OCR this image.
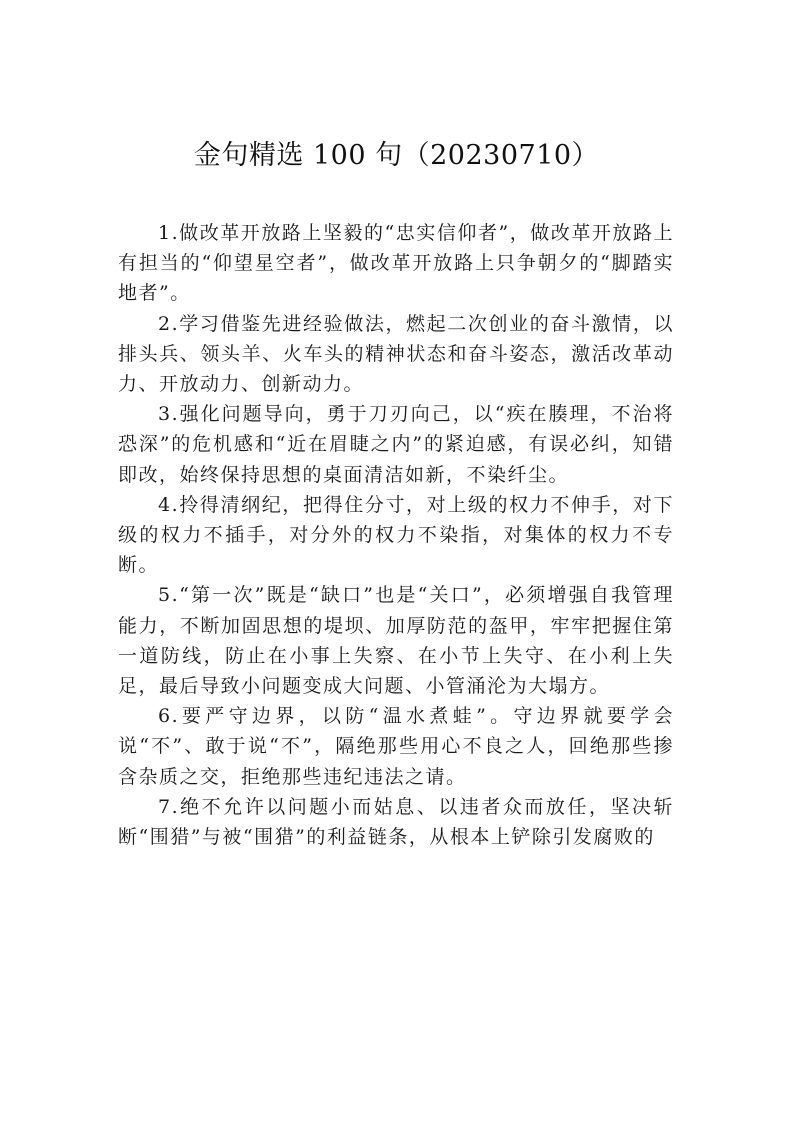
金句精选 100 句（20230710）

1.做改革开放路上坚毅的“忠实信仰者”，做改革开放路上有担当的“仰望星空者”，做改革开放路上只争朝夕的“脚踏实地者”。

2.学习借鉴先进经验做法，燃起二次创业的奋斗激情，以排头兵、领头羊、火车头的精神状态和奋斗姿态，激活改革动力、开放动力、创新动力。

3.强化问题导向，勇于刀刃向己，以“疾在腠理，不治将恐深”的危机感和“近在眉睫之内”的紧迫感，有误必纠，知错即改，始终保持思想的桌面清洁如新，不染纤尘。

4.拎得清纲纪，把得住分寸，对上级的权力不伸手，对下级的权力不插手，对分外的权力不染指，对集体的权力不专断。

5.“第一次”既是“缺口”也是“关口”，必须增强自我管理能力，不断加固思想的堤坝、加厚防范的盔甲，牢牢把握住第一道防线，防止在小事上失察、在小节上失守、在小利上失足，最后导致小问题变成大问题、小管涌沦为大塌方。

6.要严守边界，以防“温水煮蛙”。守边界就要学会说“不”、敢于说“不”，隔绝那些用心不良之人，回绝那些掺含杂质之交，拒绝那些违纪违法之请。

7.绝不允许以问题小而姑息、以违者众而放任，坚决斩断“围猎”与被“围猎”的利益链条，从根本上铲除引发腐败的
